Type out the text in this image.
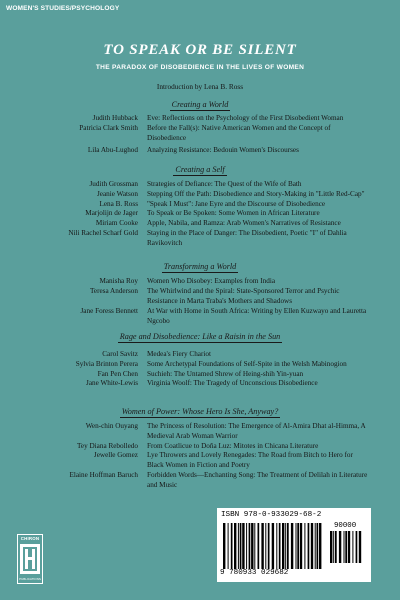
WOMEN'S STUDIES/PSYCHOLOGY
TO SPEAK OR BE SILENT
THE PARADOX OF DISOBEDIENCE IN THE LIVES OF WOMEN
Introduction by Lena B. Ross
Creating a World
Judith Hubback	Eve: Reflections on the Psychology of the First Disobedient Woman
Patricia Clark Smith	Before the Fall(s): Native American Women and the Concept of Disobedience
Lila Abu-Lughod	Analyzing Resistance: Bedouin Women's Discourses
Creating a Self
Judith Grossman	Strategies of Defiance: The Quest of the Wife of Bath
Jeanie Watson	Stepping Off the Path: Disobedience and Story-Making in "Little Red-Cap"
Lena B. Ross	"Speak I Must": Jane Eyre and the Discourse of Disobedience
Marjolijn de Jager	To Speak or Be Spoken: Some Women in African Literature
Miriam Cooke	Apple, Nabila, and Ramza: Arab Women's Narratives of Resistance
Nili Rachel Scharf Gold	Staying in the Place of Danger: The Disobedient, Poetic "I" of Dahlia Ravikovitch
Transforming a World
Manisha Roy	Women Who Disobey: Examples from India
Teresa Anderson	The Whirlwind and the Spiral: State-Sponsored Terror and Psychic Resistance in Marta Traba's Mothers and Shadows
Jane Foress Bennett	At War with Home in South Africa: Writing by Ellen Kuzwayo and Lauretta Ngcobo
Rage and Disobedience: Like a Raisin in the Sun
Carol Savitz	Medea's Fiery Chariot
Sylvia Brinton Perera	Some Archetypal Foundations of Self-Spite in the Welsh Mabinogion
Fan Pen Chen	Suchieh: The Untamed Shrew of Heing-shih Yin-yuan
Jane White-Lewis	Virginia Woolf: The Tragedy of Unconscious Disobedience
Women of Power: Whose Hero Is She, Anyway?
Wen-chin Ouyang	The Princess of Resolution: The Emergence of Al-Amira Dhat al-Himma, A Medieval Arab Woman Warrior
Tey Diana Rebolledo	From Coatlicue to Doña Luz: Mitotes in Chicana Literature
Jewelle Gomez	Lye Throwers and Lovely Renegades: The Road from Bitch to Hero for Black Women in Fiction and Poetry
Elaine Hoffman Baruch	Forbidden Words—Enchanting Song: The Treatment of Delilah in Literature and Music
CHIRON
PUBLICATIONS
ISBN 978-0-933029-68-2
90000
9 780933 029682
